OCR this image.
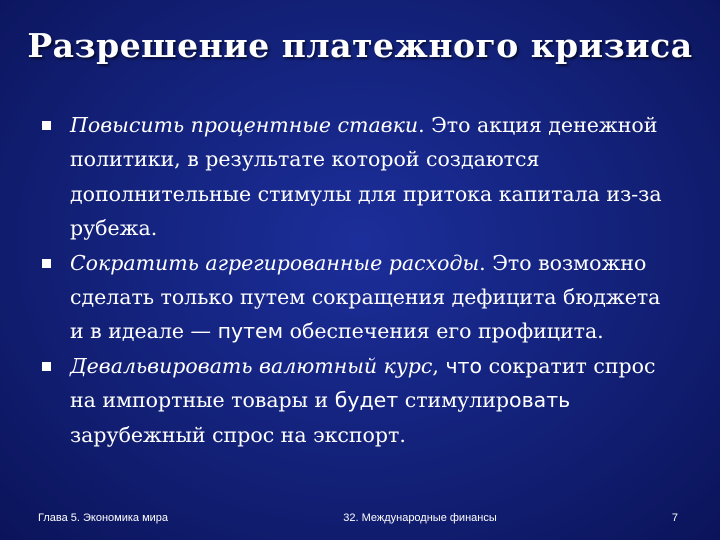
Разрешение платежного кризиса
Повысить процентные ставки. Это акция денежной политики, в результате которой создаются дополнительные стимулы для притока капитала из-за рубежа.
Сократить агрегированные расходы. Это возможно сделать только путем сокращения дефицита бюджета и в идеале — путем обеспечения его профицита.
Девальвировать валютный курс, что сократит спрос на импортные товары и будет стимулировать зарубежный спрос на экспорт.
Глава 5. Экономика мира	32. Международные финансы	7
